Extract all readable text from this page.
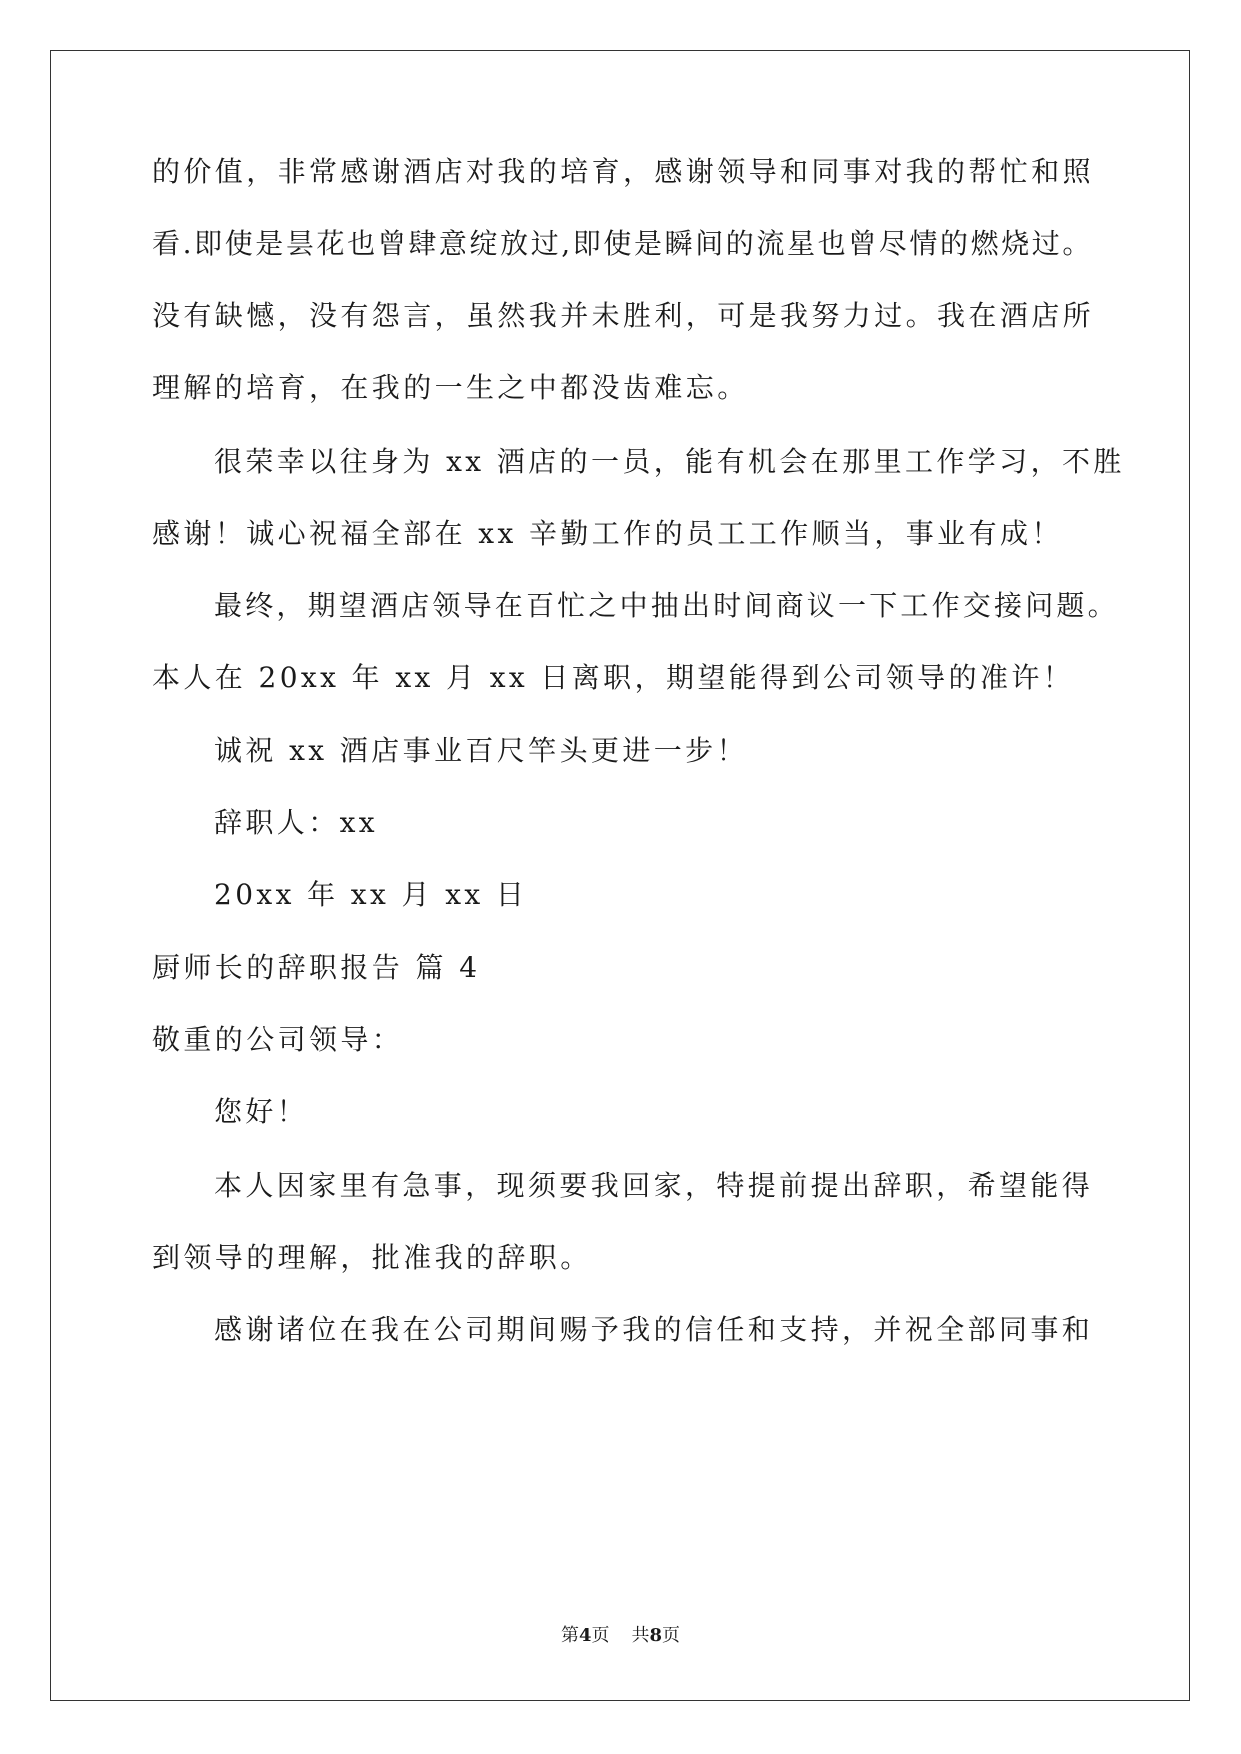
的价值，非常感谢酒店对我的培育，感谢领导和同事对我的帮忙和照
看.即使是昙花也曾肆意绽放过,即使是瞬间的流星也曾尽情的燃烧过。
没有缺憾，没有怨言，虽然我并未胜利，可是我努力过。我在酒店所
理解的培育，在我的一生之中都没齿难忘。
很荣幸以往身为 xx 酒店的一员，能有机会在那里工作学习，不胜
感谢！诚心祝福全部在 xx 辛勤工作的员工工作顺当，事业有成！
最终，期望酒店领导在百忙之中抽出时间商议一下工作交接问题。
本人在 20xx 年 xx 月 xx 日离职，期望能得到公司领导的准许！
诚祝 xx 酒店事业百尺竿头更进一步！
辞职人：xx
20xx 年 xx 月 xx 日
厨师长的辞职报告 篇 4
敬重的公司领导：
您好！
本人因家里有急事，现须要我回家，特提前提出辞职，希望能得
到领导的理解，批准我的辞职。
感谢诸位在我在公司期间赐予我的信任和支持，并祝全部同事和
第4页 共8页
